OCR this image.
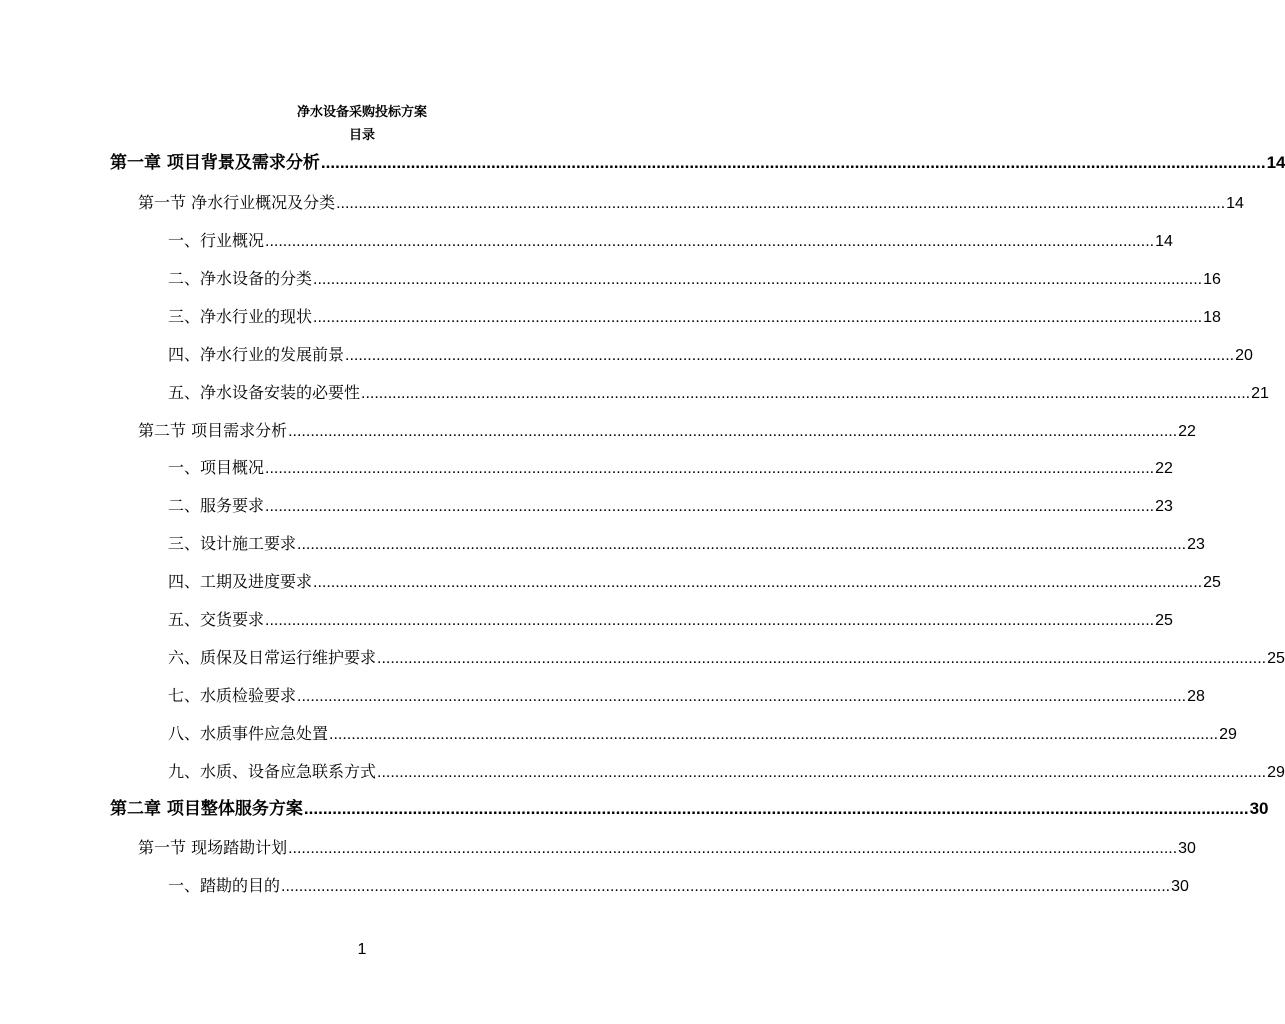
净水设备采购投标方案
目录
第一章 项目背景及需求分析 ........................................................................................................................................................................................................ 14
第一节 净水行业概况及分类 ........................................................................................................................................................................................................ 14
一、行业概况 ........................................................................................................................................................................................................ 14
二、净水设备的分类 ........................................................................................................................................................................................................ 16
三、净水行业的现状 ........................................................................................................................................................................................................ 18
四、净水行业的发展前景 ........................................................................................................................................................................................................ 20
五、净水设备安装的必要性 ........................................................................................................................................................................................................ 21
第二节 项目需求分析 ........................................................................................................................................................................................................ 22
一、项目概况 ........................................................................................................................................................................................................ 22
二、服务要求 ........................................................................................................................................................................................................ 23
三、设计施工要求 ........................................................................................................................................................................................................ 23
四、工期及进度要求 ........................................................................................................................................................................................................ 25
五、交货要求 ........................................................................................................................................................................................................ 25
六、质保及日常运行维护要求 ........................................................................................................................................................................................................ 25
七、水质检验要求 ........................................................................................................................................................................................................ 28
八、水质事件应急处置 ........................................................................................................................................................................................................ 29
九、水质、设备应急联系方式 ........................................................................................................................................................................................................ 29
第二章 项目整体服务方案 ........................................................................................................................................................................................................ 30
第一节 现场踏勘计划 ........................................................................................................................................................................................................ 30
一、踏勘的目的 ........................................................................................................................................................................................................ 30
1
